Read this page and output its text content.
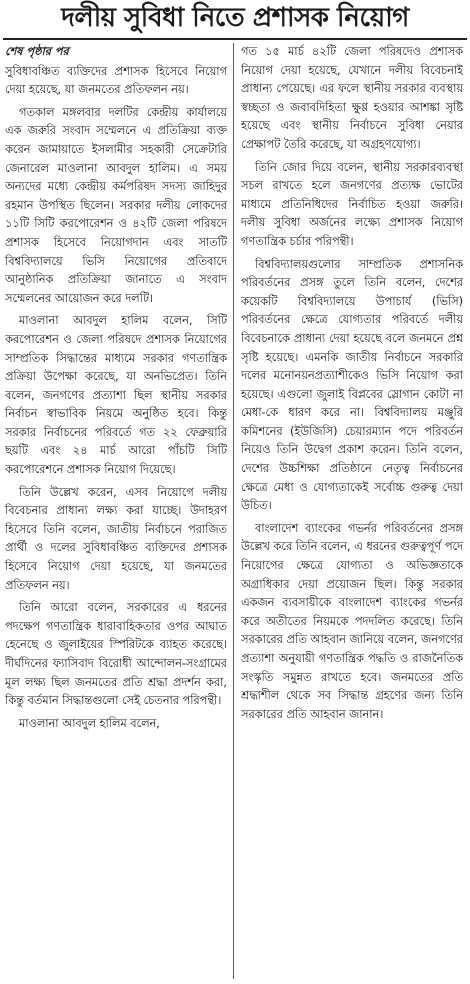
দলীয় সুবিধা নিতে প্রশাসক নিয়োগ
শেষ পৃষ্ঠার পর

সুবিধাবঞ্চিত ব্যক্তিদের প্রশাসক হিসেবে নিয়োগ দেয়া হয়েছে, যা জনমতের প্রতিফলন নয়।

গতকাল মঙ্গলবার দলটির কেন্দ্রীয় কার্যালয়ে এক জরুরি সংবাদ সম্মেলনে এ প্রতিক্রিয়া ব্যক্ত করেন জামায়াতে ইসলামীর সহকারী সেক্রেটারি জেনারেল মাওলানা আবদুল হালিম। এ সময় অন্যদের মধ্যে কেন্দ্রীয় কর্মপরিষদ সদস্য জাহিদুর রহমান উপস্থিত ছিলেন। সরকার দলীয় লোকদের ১১টি সিটি করপোরেশন ও ৪২টি জেলা পরিষদে প্রশাসক হিসেবে নিয়োগদান এবং সাতটি বিশ্ববিদ্যালয়ে ভিসি নিয়োগের প্রতিবাদে আনুষ্ঠানিক প্রতিক্রিয়া জানাতে এ সংবাদ সম্মেলনের আয়োজন করে দলটি।

মাওলানা আবদুল হালিম বলেন, সিটি করপোরেশন ও জেলা পরিষদে প্রশাসক নিয়োগের সাম্প্রতিক সিদ্ধান্তের মাধ্যমে সরকার গণতান্ত্রিক প্রক্রিয়া উপেক্ষা করেছে, যা অনভিপ্রেত। তিনি বলেন, জনগণের প্রত্যাশা ছিল স্থানীয় সরকার নির্বাচন স্বাভাবিক নিয়মে অনুষ্ঠিত হবে। কিন্তু সরকার নির্বাচনের পরিবর্তে গত ২২ ফেব্রুয়ারি ছয়টি এবং ২৪ মার্চ আরো পাঁচটি সিটি করপোরেশনে প্রশাসক নিয়োগ দিয়েছে।

তিনি উল্লেখ করেন, এসব নিয়োগে দলীয় বিবেচনার প্রাধান্য লক্ষ্য করা যাচ্ছে। উদাহরণ হিসেবে তিনি বলেন, জাতীয় নির্বাচনে পরাজিত প্রার্থী ও দলের সুবিধাবঞ্চিত ব্যক্তিদের প্রশাসক হিসেবে নিয়োগ দেয়া হয়েছে, যা জনমতের প্রতিফলন নয়।

তিনি আরো বলেন, সরকারের এ ধরনের পদক্ষেপ গণতান্ত্রিক ধারাবাহিকতার ওপর আঘাত হেনেছে ও জুলাইয়ের স্পিরিটকে ব্যাহত করেছে। দীর্ঘদিনের ফ্যাসিবাদ বিরোধী আন্দোলন-সংগ্রামের মূল লক্ষ্য ছিল জনমতের প্রতি শ্রদ্ধা প্রদর্শন করা, কিন্তু বর্তমান সিদ্ধান্তগুলো সেই চেতনার পরিপন্থী।

মাওলানা আবদুল হালিম বলেন,

গত ১৫ মার্চ ৪২টি জেলা পরিষদেও প্রশাসক নিয়োগ দেয়া হয়েছে, যেখানে দলীয় বিবেচনাই প্রাধান্য পেয়েছে। এর ফলে স্থানীয় সরকার ব্যবস্থায় স্বচ্ছতা ও জবাবদিহিতা ক্ষুণ্ণ হওয়ার আশঙ্কা সৃষ্টি হয়েছে এবং স্থানীয় নির্বাচনে সুবিধা নেয়ার প্রেক্ষাপট তৈরি করেছে, যা অগ্রহণযোগ্য।

তিনি জোর দিয়ে বলেন, স্থানীয় সরকারব্যবস্থা সচল রাখতে হলে জনগণের প্রত্যক্ষ ভোটের মাধ্যমে প্রতিনিধিদের নির্বাচিত হওয়া জরুরি। দলীয় সুবিধা অর্জনের লক্ষ্যে প্রশাসক নিয়োগ গণতান্ত্রিক চর্চার পরিপন্থী।

বিশ্ববিদ্যালয়গুলোর সাম্প্রতিক প্রশাসনিক পরিবর্তনের প্রসঙ্গ তুলে তিনি বলেন, দেশের কয়েকটি বিশ্ববিদ্যালয়ে উপাচার্য (ভিসি) পরিবর্তনের ক্ষেত্রে যোগ্যতার পরিবর্তে দলীয় বিবেচনাকে প্রাধান্য দেয়া হয়েছে বলে জনমনে প্রশ্ন সৃষ্টি হয়েছে। এমনকি জাতীয় নির্বাচনে সরকারি দলের মনোনয়নপ্রত্যাশীকেও ভিসি নিয়োগ করা হয়েছে। এগুলো জুলাই বিপ্লবের স্লোগান কোটা না মেধা-কে ধারণ করে না। বিশ্ববিদ্যালয় মঞ্জুরি কমিশনের (ইউজিসি) চেয়ারম্যান পদে পরিবর্তন নিয়েও তিনি উদ্বেগ প্রকাশ করেন। তিনি বলেন, দেশের উচ্চশিক্ষা প্রতিষ্ঠানে নেতৃত্ব নির্বাচনের ক্ষেত্রে মেধা ও যোগ্যতাকেই সর্বোচ্চ গুরুত্ব দেয়া উচিত।

বাংলাদেশ ব্যাংকের গভর্নর পরিবর্তনের প্রসঙ্গ উল্লেখ করে তিনি বলেন, এ ধরনের গুরুত্বপূর্ণ পদে নিয়োগের ক্ষেত্রে যোগ্যতা ও অভিজ্ঞতাকে অগ্রাধিকার দেয়া প্রয়োজন ছিল। কিন্তু সরকার একজন ব্যবসায়ীকে বাংলাদেশ ব্যাংকের গভর্নর করে অতীতের নিয়মকে পদদলিত করেছে। তিনি সরকারের প্রতি আহবান জানিয়ে বলেন, জনগণের প্রত্যাশা অনুযায়ী গণতান্ত্রিক পদ্ধতি ও রাজনৈতিক সংস্কৃতি সমুন্নত রাখতে হবে। জনমতের প্রতি শ্রদ্ধাশীল থেকে সব সিদ্ধান্ত গ্রহণের জন্য তিনি সরকারের প্রতি আহবান জানান।
